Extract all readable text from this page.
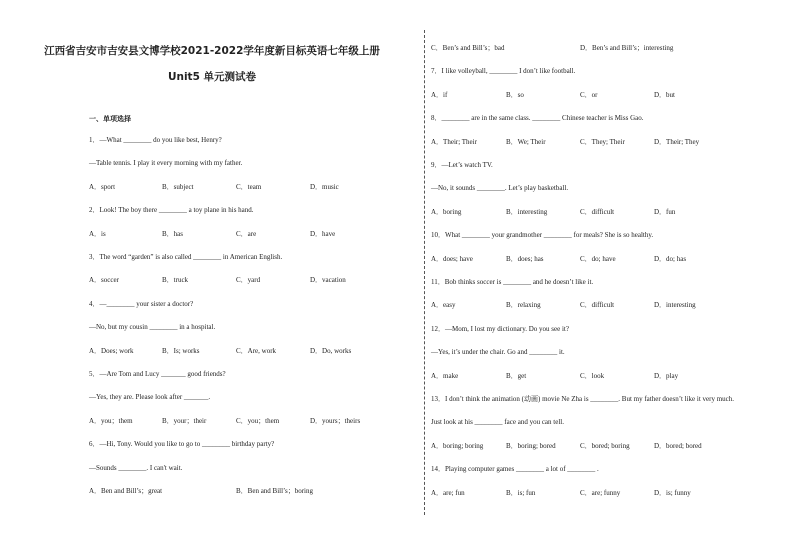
江西省吉安市吉安县文博学校2021-2022学年度新目标英语七年级上册
Unit5 单元测试卷
一、单项选择
1．—What ________ do you like best, Henry?
—Table tennis. I play it every morning with my father.
A．sport	B．subject	C．team	D．music
2．Look! The boy there ________ a toy plane in his hand.
A．is	B．has	C．are	D．have
3．The word “garden” is also called ________ in American English.
A．soccer	B．truck	C．yard	D．vacation
4．—________ your sister a doctor?
—No, but my cousin ________ in a hospital.
A．Does; work	B．Is; works	C．Are, work	D．Do, works
5．—Are Tom and Lucy _______ good friends?
—Yes, they are. Please look after _______.
A．you；them	B．your；their	C．you；them	D．yours；theirs
6．—Hi, Tony. Would you like to go to ________ birthday party?
—Sounds ________. I can't wait.
A．Ben and Bill’s；great	B．Ben and Bill’s；boring
C．Ben’s and Bill’s；bad	D．Ben’s and Bill’s；interesting
7．I like volleyball, ________ I don’t like football.
A．if	B．so	C．or	D．but
8．________ are in the same class. ________ Chinese teacher is Miss Gao.
A．Their; Their	B．We; Their	C．They; Their	D．Their; They
9．—Let’s watch TV.
—No, it sounds ________. Let’s play basketball.
A．boring	B．interesting	C．difficult	D．fun
10．What ________ your grandmother ________ for meals? She is so healthy.
A．does; have	B．does; has	C．do; have	D．do; has
11．Bob thinks soccer is ________ and he doesn’t like it.
A．easy	B．relaxing	C．difficult	D．interesting
12．—Mom, I lost my dictionary. Do you see it?
—Yes, it’s under the chair. Go and ________ it.
A．make	B．get	C．look	D．play
13．I don’t think the animation (动画) movie Ne Zha is ________. But my father doesn’t like it very much.
Just look at his ________ face and you can tell.
A．boring; boring	B．boring; bored	C．bored; boring	D．bored; bored
14．Playing computer games ________ a lot of ________ .
A．are; fun	B．is; fun	C．are; funny	D．is; funny
